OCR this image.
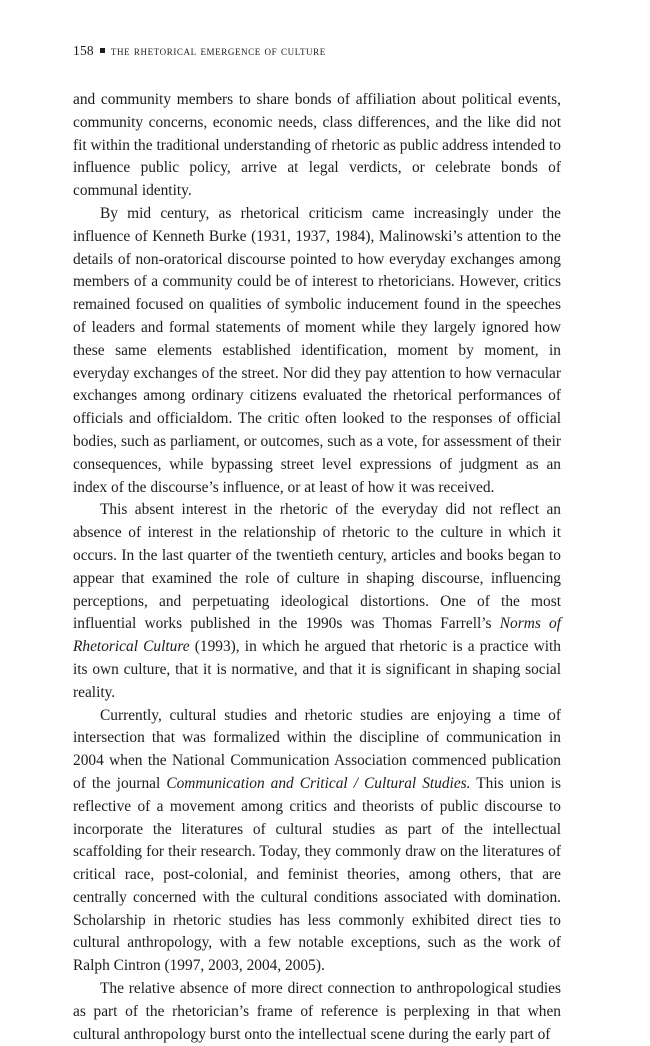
158 the rhetorical emergence of culture

and community members to share bonds of affiliation about political events, community concerns, economic needs, class differences, and the like did not fit within the traditional understanding of rhetoric as public address intended to influence public policy, arrive at legal verdicts, or celebrate bonds of communal identity.

By mid century, as rhetorical criticism came increasingly under the influence of Kenneth Burke (1931, 1937, 1984), Malinowski’s attention to the details of non-oratorical discourse pointed to how everyday exchanges among members of a community could be of interest to rhetoricians. However, critics remained focused on qualities of symbolic inducement found in the speeches of leaders and formal statements of moment while they largely ignored how these same elements established identification, moment by moment, in everyday exchanges of the street. Nor did they pay attention to how vernacular exchanges among ordinary citizens evaluated the rhetorical performances of officials and officialdom. The critic often looked to the responses of official bodies, such as parliament, or outcomes, such as a vote, for assessment of their consequences, while bypassing street level expressions of judgment as an index of the discourse’s influence, or at least of how it was received.

This absent interest in the rhetoric of the everyday did not reflect an absence of interest in the relationship of rhetoric to the culture in which it occurs. In the last quarter of the twentieth century, articles and books began to appear that examined the role of culture in shaping discourse, influencing perceptions, and perpetuating ideological distortions. One of the most influential works published in the 1990s was Thomas Farrell’s Norms of Rhetorical Culture (1993), in which he argued that rhetoric is a practice with its own culture, that it is normative, and that it is significant in shaping social reality.

Currently, cultural studies and rhetoric studies are enjoying a time of intersection that was formalized within the discipline of communication in 2004 when the National Communication Association commenced publication of the journal Communication and Critical / Cultural Studies. This union is reflective of a movement among critics and theorists of public discourse to incorporate the literatures of cultural studies as part of the intellectual scaffolding for their research. Today, they commonly draw on the literatures of critical race, post-colonial, and feminist theories, among others, that are centrally concerned with the cultural conditions associated with domination. Scholarship in rhetoric studies has less commonly exhibited direct ties to cultural anthropology, with a few notable exceptions, such as the work of Ralph Cintron (1997, 2003, 2004, 2005).

The relative absence of more direct connection to anthropological studies as part of the rhetorician’s frame of reference is perplexing in that when cultural anthropology burst onto the intellectual scene during the early part of
